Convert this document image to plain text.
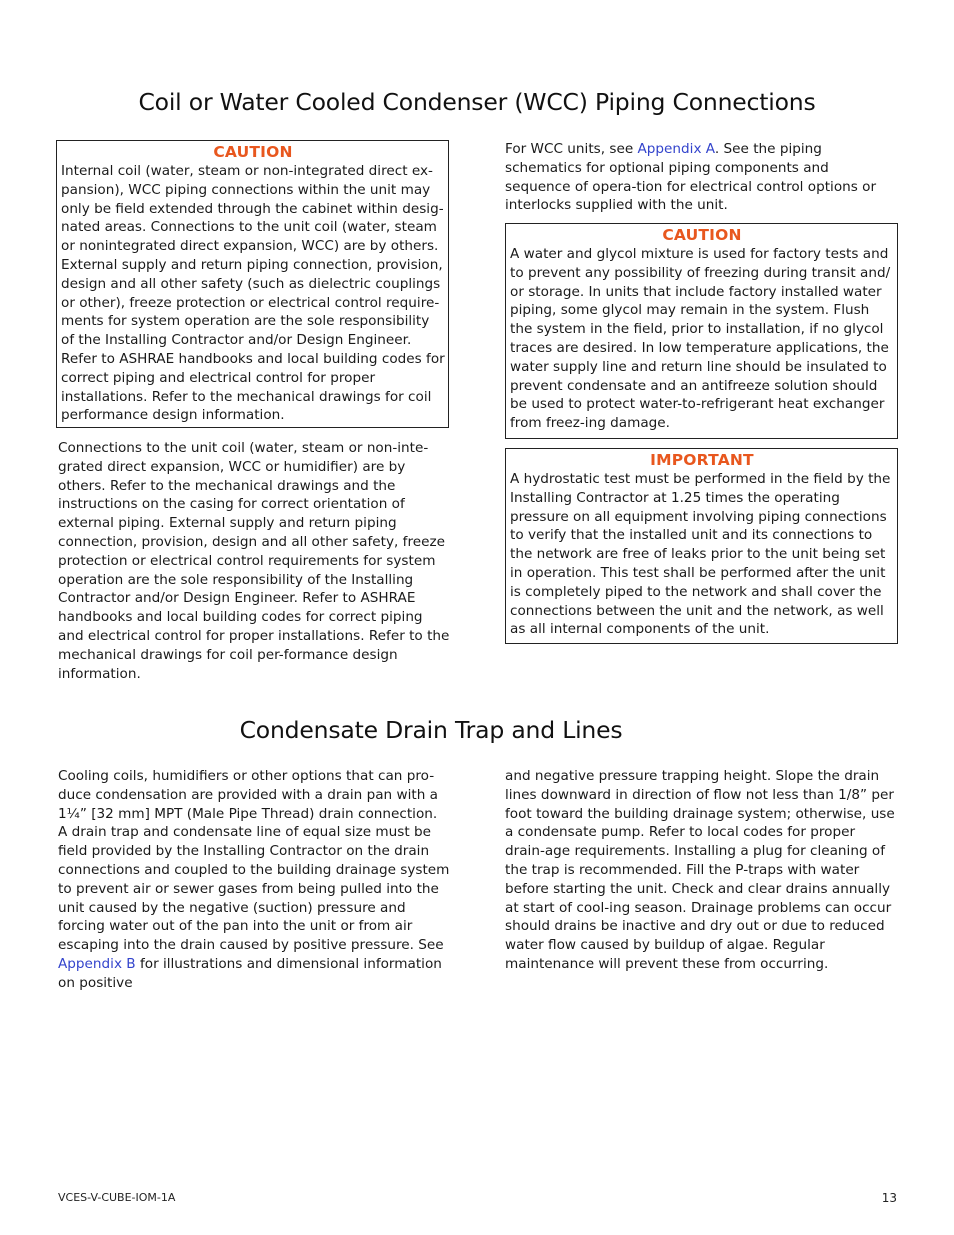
Coil or Water Cooled Condenser (WCC) Piping Connections
CAUTION

Internal coil (water, steam or non-integrated direct ex-pansion), WCC piping connections within the unit may only be field extended through the cabinet within desig-nated areas. Connections to the unit coil (water, steam or nonintegrated direct expansion, WCC) are by others. External supply and return piping connection, provision, design and all other safety (such as dielectric couplings or other), freeze protection or electrical control require-ments for system operation are the sole responsibility of the Installing Contractor and/or Design Engineer. Refer to ASHRAE handbooks and local building codes for correct piping and electrical control for proper installations. Refer to the mechanical drawings for coil performance design information.

Connections to the unit coil (water, steam or non-inte-grated direct expansion, WCC or humidifier) are by others. Refer to the mechanical drawings and the instructions on the casing for correct orientation of external piping. External supply and return piping connection, provision, design and all other safety, freeze protection or electrical control requirements for system operation are the sole responsibility of the Installing Contractor and/or Design Engineer. Refer to ASHRAE handbooks and local building codes for correct piping and electrical control for proper installations. Refer to the mechanical drawings for coil per-formance design information.

For WCC units, see Appendix A. See the piping schematics for optional piping components and sequence of opera-tion for electrical control options or interlocks supplied with the unit.

CAUTION

A water and glycol mixture is used for factory tests and to prevent any possibility of freezing during transit and/ or storage. In units that include factory installed water piping, some glycol may remain in the system. Flush the system in the field, prior to installation, if no glycol traces are desired. In low temperature applications, the water supply line and return line should be insulated to prevent condensate and an antifreeze solution should be used to protect water-to-refrigerant heat exchanger from freez-ing damage.

IMPORTANT

A hydrostatic test must be performed in the field by the Installing Contractor at 1.25 times the operating pressure on all equipment involving piping connections to verify that the installed unit and its connections to the network are free of leaks prior to the unit being set in operation. This test shall be performed after the unit is completely piped to the network and shall cover the connections between the unit and the network, as well as all internal components of the unit.

Condensate Drain Trap and Lines

Cooling coils, humidifiers or other options that can pro-duce condensation are provided with a drain pan with a 1¼” [32 mm] MPT (Male Pipe Thread) drain connection. A drain trap and condensate line of equal size must be field provided by the Installing Contractor on the drain connections and coupled to the building drainage system to prevent air or sewer gases from being pulled into the unit caused by the negative (suction) pressure and forcing water out of the pan into the unit or from air escaping into the drain caused by positive pressure. See Appendix B for illustrations and dimensional information on positive

and negative pressure trapping height. Slope the drain lines downward in direction of flow not less than 1/8” per foot toward the building drainage system; otherwise, use a condensate pump. Refer to local codes for proper drain-age requirements. Installing a plug for cleaning of the trap is recommended. Fill the P-traps with water before starting the unit. Check and clear drains annually at start of cool-ing season. Drainage problems can occur should drains be inactive and dry out or due to reduced water flow caused by buildup of algae. Regular maintenance will prevent these from occurring.

VCES-V-CUBE-IOM-1A	13
